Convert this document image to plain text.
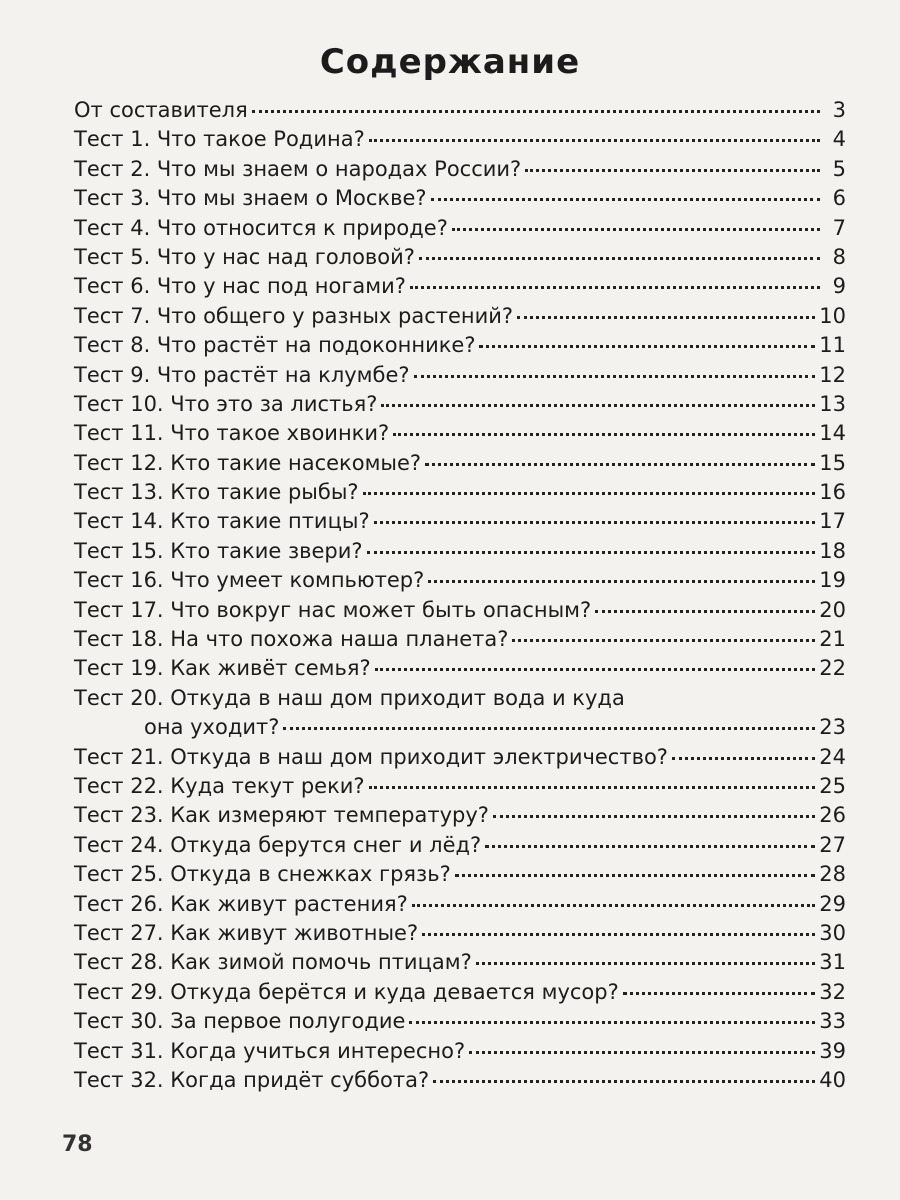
Содержание
От составителя	3
Тест 1. Что такое Родина?	4
Тест 2. Что мы знаем о народах России?	5
Тест 3. Что мы знаем о Москве?	6
Тест 4. Что относится к природе?	7
Тест 5. Что у нас над головой?	8
Тест 6. Что у нас под ногами?	9
Тест 7. Что общего у разных растений?	10
Тест 8. Что растёт на подоконнике?	11
Тест 9. Что растёт на клумбе?	12
Тест 10. Что это за листья?	13
Тест 11. Что такое хвоинки?	14
Тест 12. Кто такие насекомые?	15
Тест 13. Кто такие рыбы?	16
Тест 14. Кто такие птицы?	17
Тест 15. Кто такие звери?	18
Тест 16. Что умеет компьютер?	19
Тест 17. Что вокруг нас может быть опасным?	20
Тест 18. На что похожа наша планета?	21
Тест 19. Как живёт семья?	22
Тест 20. Откуда в наш дом приходит вода и куда
она уходит?	23
Тест 21. Откуда в наш дом приходит электричество?	24
Тест 22. Куда текут реки?	25
Тест 23. Как измеряют температуру?	26
Тест 24. Откуда берутся снег и лёд?	27
Тест 25. Откуда в снежках грязь?	28
Тест 26. Как живут растения?	29
Тест 27. Как живут животные?	30
Тест 28. Как зимой помочь птицам?	31
Тест 29. Откуда берётся и куда девается мусор?	32
Тест 30. За первое полугодие	33
Тест 31. Когда учиться интересно?	39
Тест 32. Когда придёт суббота?	40
78
